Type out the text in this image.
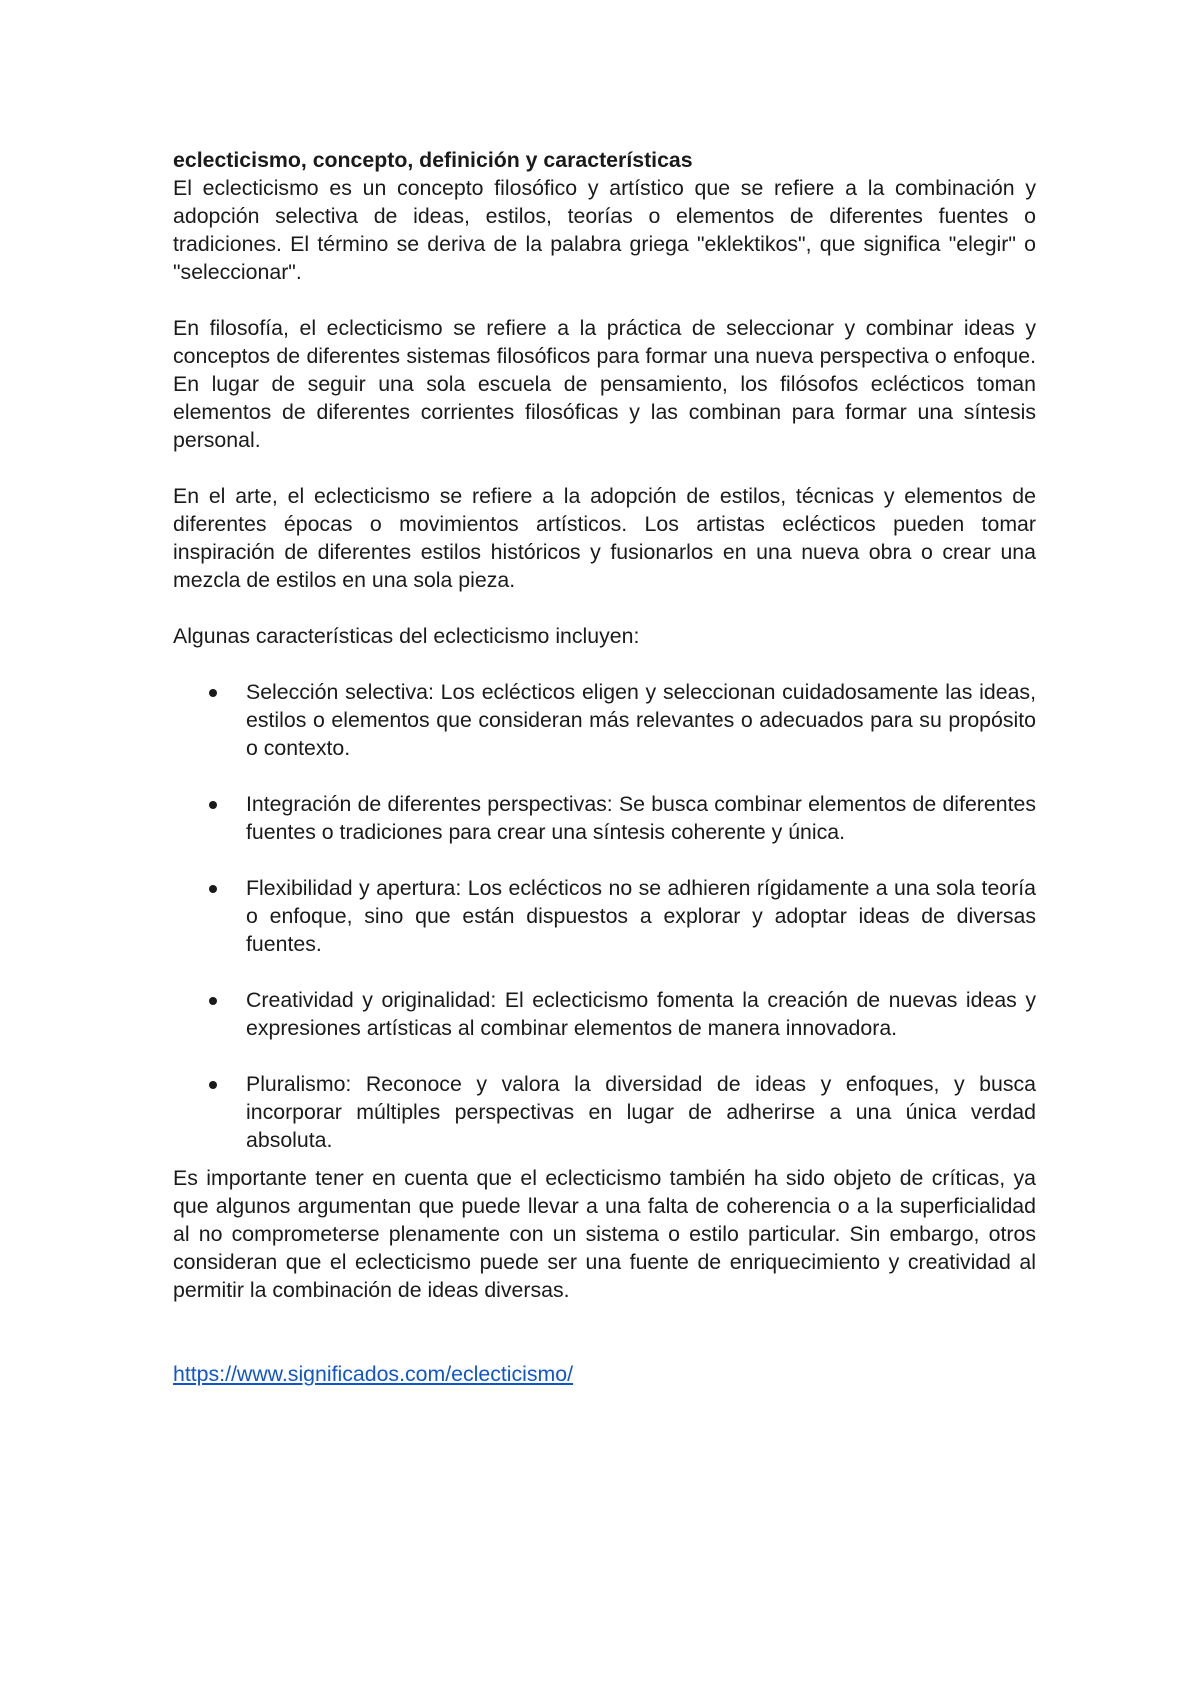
eclecticismo, concepto, definición y características

El eclecticismo es un concepto filosófico y artístico que se refiere a la combinación y adopción selectiva de ideas, estilos, teorías o elementos de diferentes fuentes o tradiciones. El término se deriva de la palabra griega "eklektikos", que significa "elegir" o "seleccionar".

En filosofía, el eclecticismo se refiere a la práctica de seleccionar y combinar ideas y conceptos de diferentes sistemas filosóficos para formar una nueva perspectiva o enfoque. En lugar de seguir una sola escuela de pensamiento, los filósofos eclécticos toman elementos de diferentes corrientes filosóficas y las combinan para formar una síntesis personal.

En el arte, el eclecticismo se refiere a la adopción de estilos, técnicas y elementos de diferentes épocas o movimientos artísticos. Los artistas eclécticos pueden tomar inspiración de diferentes estilos históricos y fusionarlos en una nueva obra o crear una mezcla de estilos en una sola pieza.

Algunas características del eclecticismo incluyen:

Selección selectiva: Los eclécticos eligen y seleccionan cuidadosamente las ideas, estilos o elementos que consideran más relevantes o adecuados para su propósito o contexto.
Integración de diferentes perspectivas: Se busca combinar elementos de diferentes fuentes o tradiciones para crear una síntesis coherente y única.
Flexibilidad y apertura: Los eclécticos no se adhieren rígidamente a una sola teoría o enfoque, sino que están dispuestos a explorar y adoptar ideas de diversas fuentes.
Creatividad y originalidad: El eclecticismo fomenta la creación de nuevas ideas y expresiones artísticas al combinar elementos de manera innovadora.
Pluralismo: Reconoce y valora la diversidad de ideas y enfoques, y busca incorporar múltiples perspectivas en lugar de adherirse a una única verdad absoluta.

Es importante tener en cuenta que el eclecticismo también ha sido objeto de críticas, ya que algunos argumentan que puede llevar a una falta de coherencia o a la superficialidad al no comprometerse plenamente con un sistema o estilo particular. Sin embargo, otros consideran que el eclecticismo puede ser una fuente de enriquecimiento y creatividad al permitir la combinación de ideas diversas.

https://www.significados.com/eclecticismo/
